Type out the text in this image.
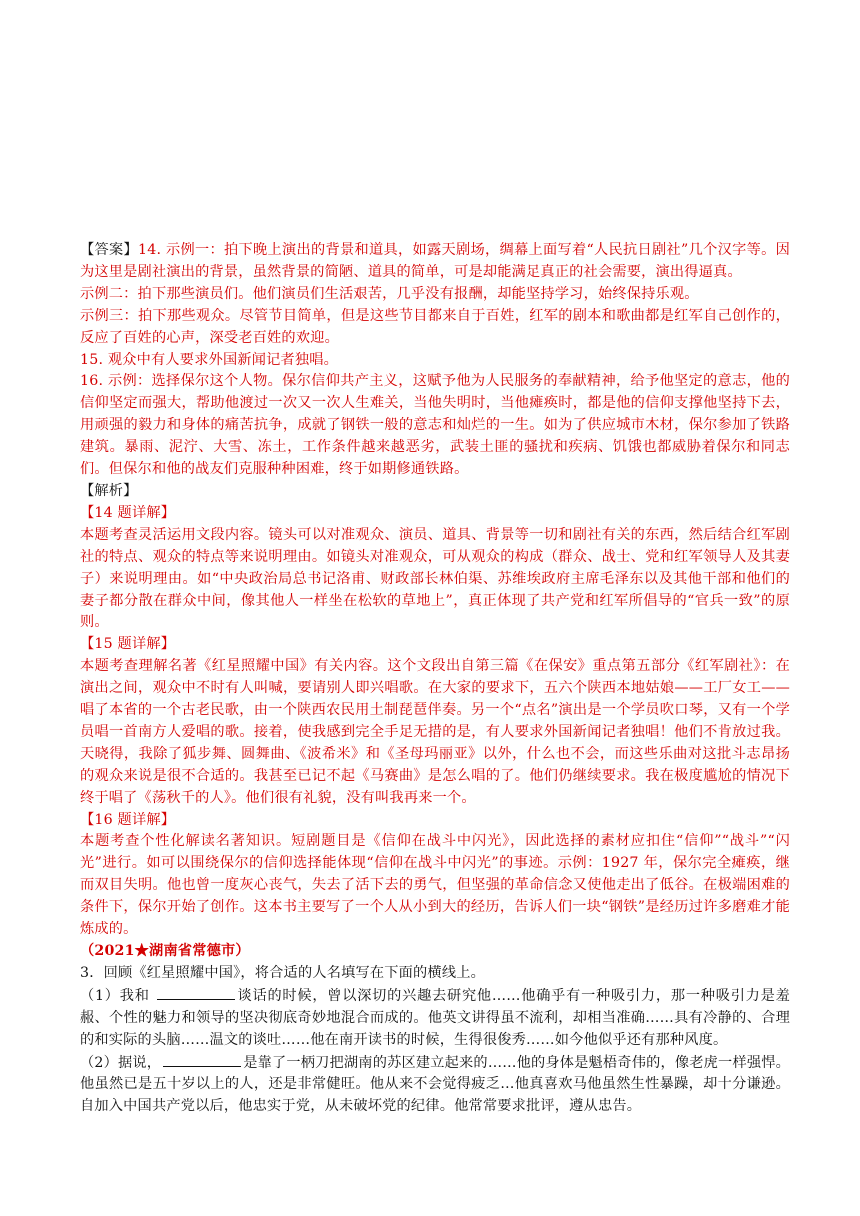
【答案】14. 示例一：拍下晚上演出的背景和道具，如露天剧场，绸幕上面写着“人民抗日剧社”几个汉字等。因为这里是剧社演出的背景，虽然背景的简陋、道具的简单，可是却能满足真正的社会需要，演出得逼真。

示例二：拍下那些演员们。他们演员们生活艰苦，几乎没有报酬，却能坚持学习，始终保持乐观。

示例三：拍下那些观众。尽管节目简单，但是这些节目都来自于百姓，红军的剧本和歌曲都是红军自己创作的，反应了百姓的心声，深受老百姓的欢迎。

15. 观众中有人要求外国新闻记者独唱。

16. 示例：选择保尔这个人物。保尔信仰共产主义，这赋予他为人民服务的奉献精神，给予他坚定的意志，他的信仰坚定而强大，帮助他渡过一次又一次人生难关，当他失明时，当他瘫痪时，都是他的信仰支撑他坚持下去，用顽强的毅力和身体的痛苦抗争，成就了钢铁一般的意志和灿烂的一生。如为了供应城市木材，保尔参加了铁路建筑。暴雨、泥泞、大雪、冻土，工作条件越来越恶劣，武装土匪的骚扰和疾病、饥饿也都威胁着保尔和同志们。但保尔和他的战友们克服种种困难，终于如期修通铁路。

【解析】

【14 题详解】

本题考查灵活运用文段内容。镜头可以对准观众、演员、道具、背景等一切和剧社有关的东西，然后结合红军剧社的特点、观众的特点等来说明理由。如镜头对准观众，可从观众的构成（群众、战士、党和红军领导人及其妻子）来说明理由。如“中央政治局总书记洛甫、财政部长林伯渠、苏维埃政府主席毛泽东以及其他干部和他们的妻子都分散在群众中间，像其他人一样坐在松软的草地上”，真正体现了共产党和红军所倡导的“官兵一致”的原则。

【15 题详解】

本题考查理解名著《红星照耀中国》有关内容。这个文段出自第三篇《在保安》重点第五部分《红军剧社》：在演出之间，观众中不时有人叫喊，要请别人即兴唱歌。在大家的要求下，五六个陕西本地姑娘——工厂女工——唱了本省的一个古老民歌，由一个陕西农民用土制琵琶伴奏。另一个“点名”演出是一个学员吹口琴，又有一个学员唱一首南方人爱唱的歌。接着，使我感到完全手足无措的是，有人要求外国新闻记者独唱！他们不肯放过我。天晓得，我除了狐步舞、圆舞曲、《波希米》和《圣母玛丽亚》以外，什么也不会，而这些乐曲对这批斗志昂扬的观众来说是很不合适的。我甚至已记不起《马赛曲》是怎么唱的了。他们仍继续要求。我在极度尴尬的情况下终于唱了《荡秋千的人》。他们很有礼貌，没有叫我再来一个。

【16 题详解】

本题考查个性化解读名著知识。短剧题目是《信仰在战斗中闪光》，因此选择的素材应扣住“信仰”“战斗”“闪光”进行。如可以围绕保尔的信仰选择能体现“信仰在战斗中闪光”的事迹。示例：1927 年，保尔完全瘫痪，继而双目失明。他也曾一度灰心丧气，失去了活下去的勇气，但坚强的革命信念又使他走出了低谷。在极端困难的条件下，保尔开始了创作。这本书主要写了一个人从小到大的经历，告诉人们一块“钢铁”是经历过许多磨难才能炼成的。

（2021★湖南省常德市）

3．回顾《红星照耀中国》，将合适的人名填写在下面的横线上。

（1）我和	谈话的时候，曾以深切的兴趣去研究他……他确乎有一种吸引力，那一种吸引力是羞赧、个性的魅力和领导的坚决彻底奇妙地混合而成的。他英文讲得虽不流利，却相当准确……具有冷静的、合理的和实际的头脑……温文的谈吐……他在南开读书的时候，生得很俊秀……如今他似乎还有那种风度。

（2）据说，	是靠了一柄刀把湖南的苏区建立起来的……他的身体是魁梧奇伟的，像老虎一样强悍。他虽然已是五十岁以上的人，还是非常健旺。他从来不会觉得疲乏…他真喜欢马他虽然生性暴躁，却十分谦逊。自加入中国共产党以后，他忠实于党，从未破坏党的纪律。他常常要求批评，遵从忠告。
